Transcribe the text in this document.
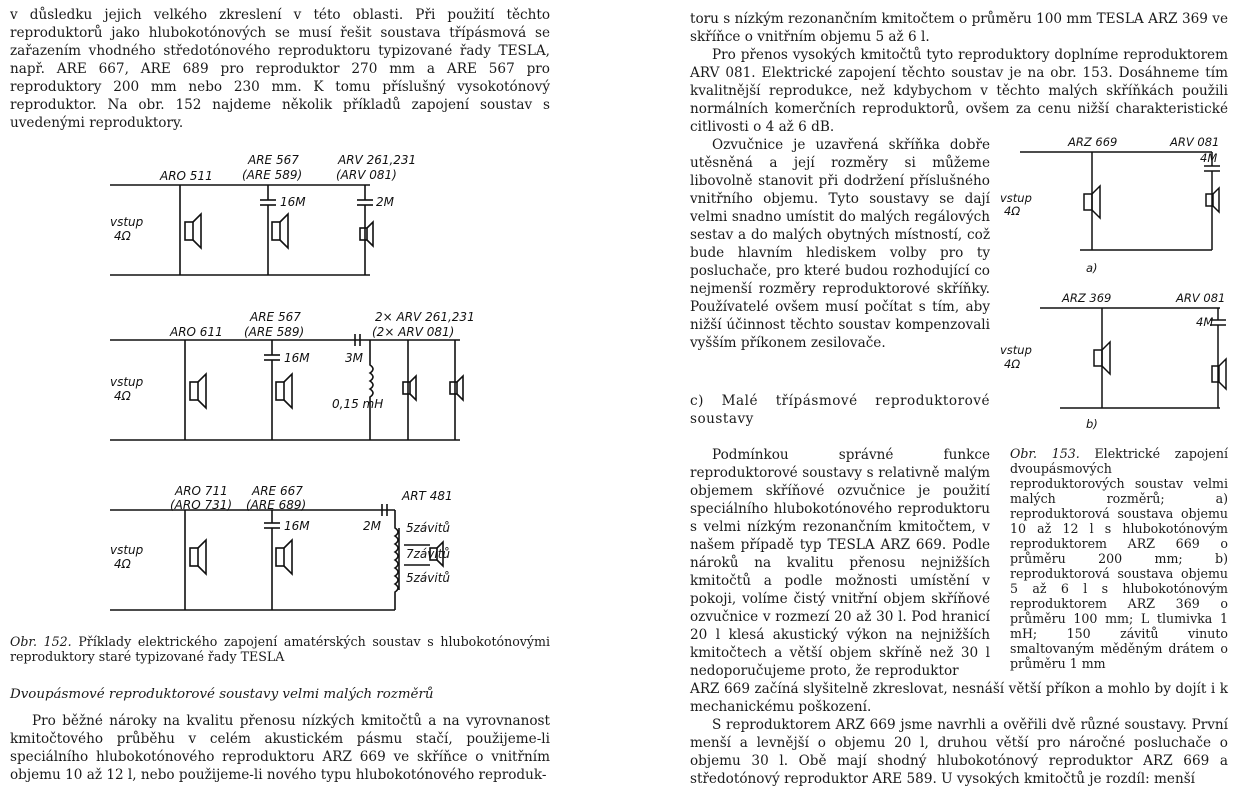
v důsledku jejich velkého zkreslení v této oblasti. Při použití těchto reproduktorů jako hlubokotónových se musí řešit soustava třípásmová se zařazením vhodného středotónového reproduktoru typizované řady TESLA, např. ARE 667, ARE 689 pro reproduktor 270 mm a ARE 567 pro reproduktory 200 mm nebo 230 mm. K tomu příslušný vysokotónový reproduktor. Na obr. 152 najdeme několik příkladů zapojení soustav s uvedenými reproduktory.

ARO 511
ARE 567
(ARE 589)
ARV 261,231
(ARV 081)
16M	2M
vstup
4Ω
ARO 611
ARE 567
(ARE 589)
2× ARV 261,231
(2× ARV 081)
16M	3M
0,15 mH
vstup
4Ω
ARO 711
(ARO 731)
ARE 667
(ARE 689)
ART 481
16M	2M 5závitů
7závitů
5závitů
vstup
4Ω

Obr. 152. Příklady elektrického zapojení amatérských soustav s hlubokotónovými reproduktory staré typizované řady TESLA

Dvoupásmové reproduktorové soustavy velmi malých rozměrů

Pro běžné nároky na kvalitu přenosu nízkých kmitočtů a na vyrovnanost kmitočtového průběhu v celém akustickém pásmu stačí, použijeme-li speciálního hlubokotónového reproduktoru ARZ 669 ve skříňce o vnitřním objemu 10 až 12 l, nebo použijeme-li nového typu hlubokotónového reproduk-

toru s nízkým rezonančním kmitočtem o průměru 100 mm TESLA ARZ 369 ve skříňce o vnitřním objemu 5 až 6 l.

Pro přenos vysokých kmitočtů tyto reproduktory doplníme reproduktorem ARV 081. Elektrické zapojení těchto soustav je na obr. 153. Dosáhneme tím kvalitnější reprodukce, než kdybychom v těchto malých skříňkách použili normálních komerčních reproduktorů, ovšem za cenu nižší charakteristické citlivosti o 4 až 6 dB.

Ozvučnice je uzavřená skříňka dobře utěsněná a její rozměry si můžeme libovolně stanovit při dodržení příslušného vnitřního objemu. Tyto soustavy se dají velmi snadno umístit do malých regálových sestav a do malých obytných místností, což bude hlavním hlediskem volby pro ty posluchače, pro které budou rozhodující co nejmenší rozměry reproduktorové skříňky. Používatelé ovšem musí počítat s tím, aby nižší účinnost těchto soustav kompenzovali vyšším příkonem zesilovače.

c) Malé třípásmové reproduktorové soustavy

Podmínkou správné funkce reproduktorové soustavy s relativně malým objemem skříňové ozvučnice je použití speciálního hlubokotónového reproduktoru s velmi nízkým rezonančním kmitočtem, v našem případě typ TESLA ARZ 669. Podle nároků na kvalitu přenosu nejnižších kmitočtů a podle možnosti umístění v pokoji, volíme čistý vnitřní objem skříňové ozvučnice v rozmezí 20 až 30 l. Pod hranicí 20 l klesá akustický výkon na nejnižších kmitočtech a větší objem skříně než 30 l nedoporučujeme proto, že reproduktor

ARZ 669 začíná slyšitelně zkreslovat, nesnáší větší příkon a mohlo by dojít i k mechanickému poškození.

S reproduktorem ARZ 669 jsme navrhli a ověřili dvě různé soustavy. První menší a levnější o objemu 20 l, druhou větší pro náročné posluchače o objemu 30 l. Obě mají shodný hlubokotónový reproduktor ARZ 669 a středotónový reproduktor ARE 589. U vysokých kmitočtů je rozdíl: menší

ARZ 669	ARV 081
4M
vstup
4Ω
a)
ARZ 369	ARV 081
4M
vstup
4Ω
b)

Obr. 153. Elektrické zapojení dvoupásmových reproduktorových soustav velmi malých rozměrů; a) reproduktorová soustava objemu 10 až 12 l s hlubokotónovým reproduktorem ARZ 669 o průměru 200 mm; b) reproduktorová soustava objemu 5 až 6 l s hlubokotónovým reproduktorem ARZ 369 o průměru 100 mm; L tlumivka 1 mH; 150 závitů vinuto smaltovaným měděným drátem o průměru 1 mm
